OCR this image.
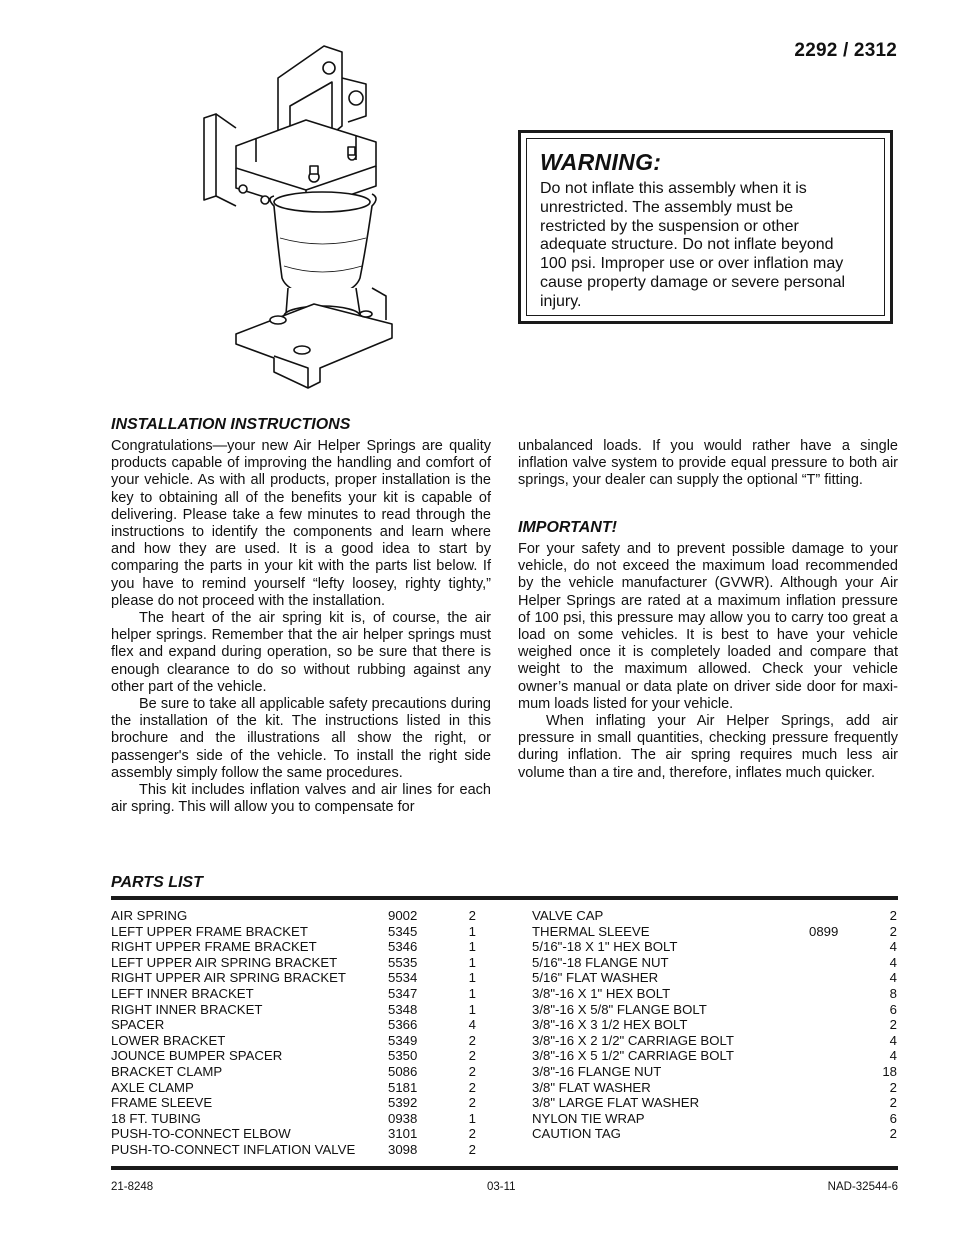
2292 / 2312
WARNING:
Do not inflate this assembly when it is
unrestricted. The assembly must be
restricted by the suspension or other
adequate structure. Do not inflate beyond
100 psi. Improper use or over inflation may
cause property damage or severe personal
injury.
INSTALLATION INSTRUCTIONS

Congratulations—your new Air Helper Springs are quality products capable of improving the handling and comfort of your vehicle. As with all products, proper installation is the key to obtaining all of the benefits your kit is capable of delivering. Please take a few minutes to read through the instructions to identify the components and learn where and how they are used. It is a good idea to start by comparing the parts in your kit with the parts list below. If you have to remind yourself “lefty loosey, righty tighty,” please do not proceed with the installation.

The heart of the air spring kit is, of course, the air helper springs. Remember that the air helper springs must flex and expand during operation, so be sure that there is enough clearance to do so without rubbing against any other part of the vehicle.

Be sure to take all applicable safety precautions during the installation of the kit. The instructions listed in this brochure and the illustrations all show the right, or passenger's side of the vehicle. To install the right side assembly simply follow the same procedures.

This kit includes inflation valves and air lines for each air spring. This will allow you to compensate for

unbalanced loads. If you would rather have a single inflation valve system to provide equal pressure to both air springs, your dealer can supply the optional “T” fitting.

IMPORTANT!

For your safety and to prevent possible damage to your vehicle, do not exceed the maximum load recommended by the vehicle manufacturer (GVWR). Although your Air Helper Springs are rated at a maximum inflation pressure of 100 psi, this pressure may allow you to carry too great a load on some vehicles. It is best to have your vehicle weighed once it is completely loaded and compare that weight to the maximum allowed. Check your vehicle owner’s manual or data plate on driver side door for maximum loads listed for your vehicle.

When inflating your Air Helper Springs, add air pressure in small quantities, checking pressure frequently during inflation. The air spring requires much less air volume than a tire and, therefore, inflates much quicker.

PARTS LIST
AIR SPRING	9002	2
LEFT UPPER FRAME BRACKET	5345	1
RIGHT UPPER FRAME BRACKET	5346	1
LEFT UPPER AIR SPRING BRACKET	5535	1
RIGHT UPPER AIR SPRING BRACKET	5534	1
LEFT INNER BRACKET	5347	1
RIGHT INNER BRACKET	5348	1
SPACER	5366	4
LOWER BRACKET	5349	2
JOUNCE BUMPER SPACER	5350	2
BRACKET CLAMP	5086	2
AXLE CLAMP	5181	2
FRAME SLEEVE	5392	2
18 FT. TUBING	0938	1
PUSH-TO-CONNECT ELBOW	3101	2
PUSH-TO-CONNECT INFLATION VALVE 3098	2
VALVE CAP	2
THERMAL SLEEVE	0899	2
5/16"-18 X 1" HEX BOLT	4
5/16"-18 FLANGE NUT	4
5/16" FLAT WASHER	4
3/8"-16 X 1" HEX BOLT	8
3/8"-16 X 5/8" FLANGE BOLT	6
3/8"-16 X 3 1/2 HEX BOLT	2
3/8"-16 X 2 1/2" CARRIAGE BOLT	4
3/8"-16 X 5 1/2" CARRIAGE BOLT	4
3/8"-16 FLANGE NUT	18
3/8" FLAT WASHER	2
3/8" LARGE FLAT WASHER	2
NYLON TIE WRAP	6
CAUTION TAG	2
21-8248	03-11	NAD-32544-6
